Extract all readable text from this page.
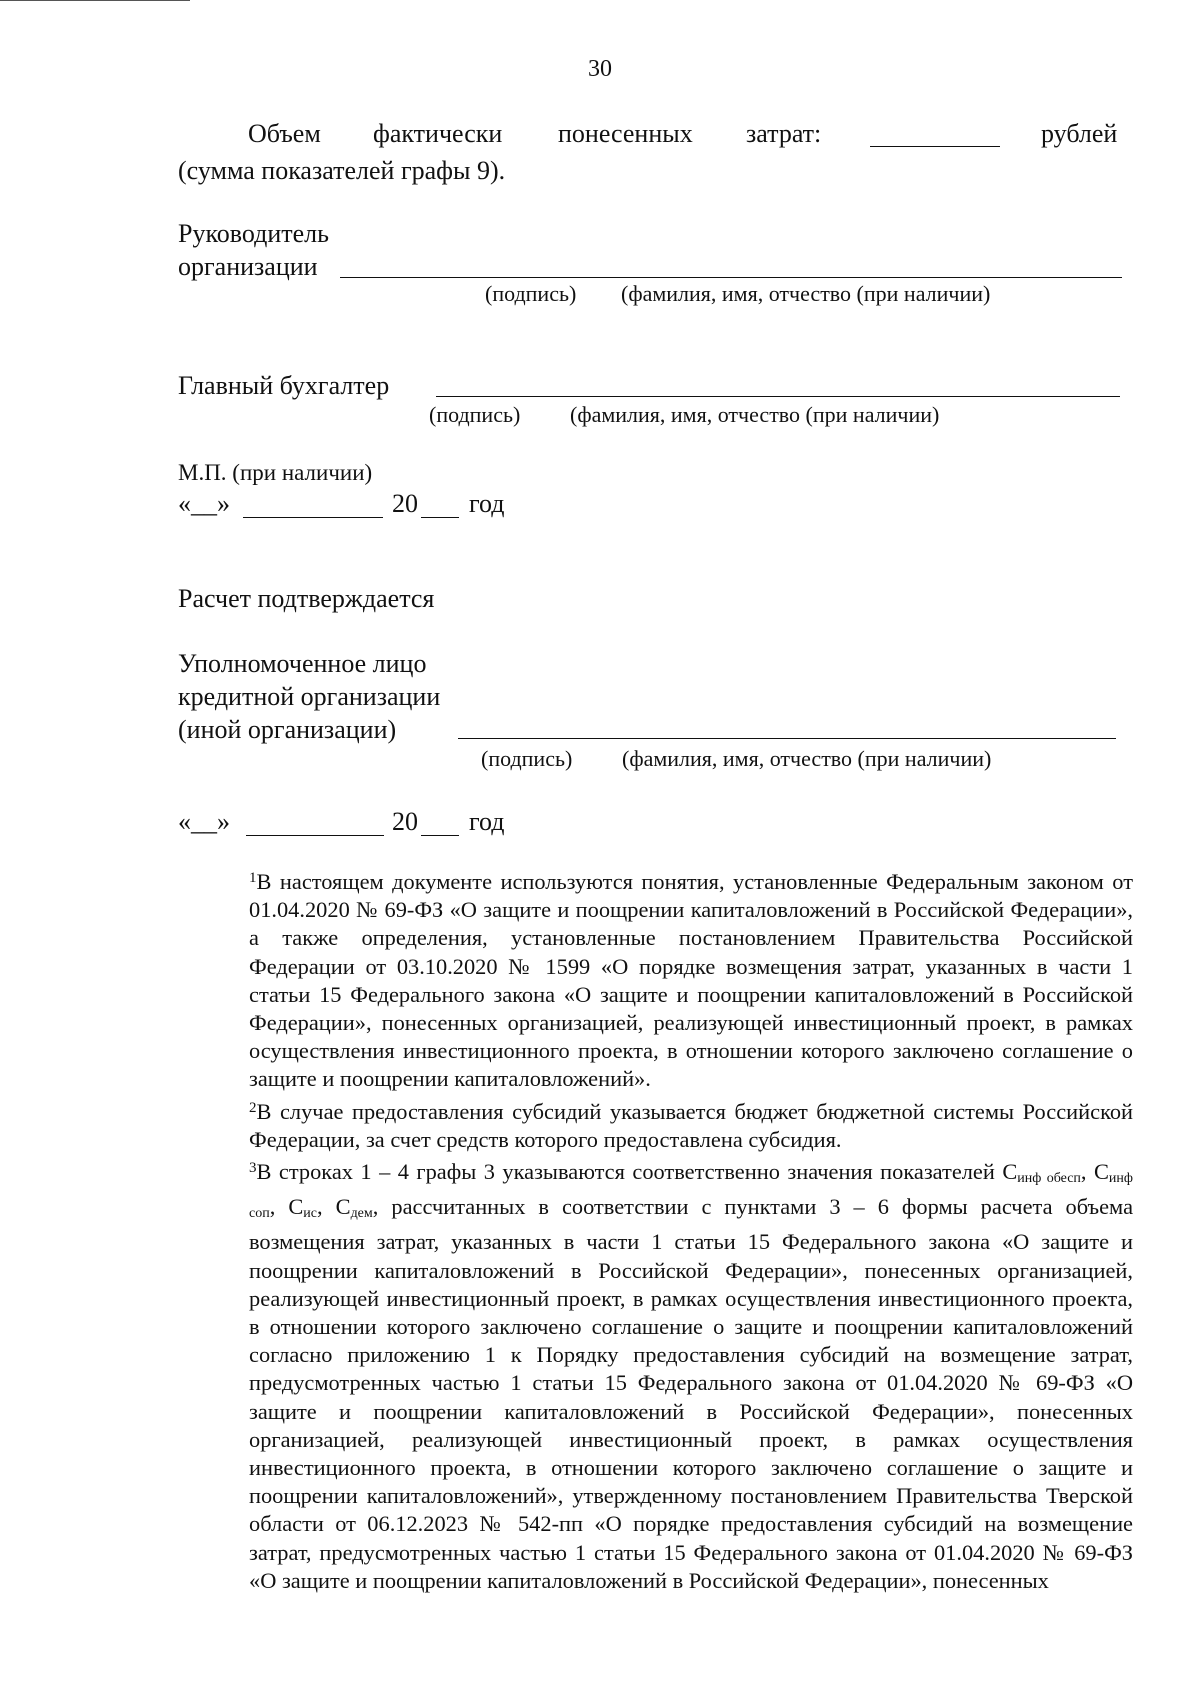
30
Объем фактически понесенных затрат:	рублей
(сумма показателей графы 9).
Руководитель
организации
(подпись) (фамилия, имя, отчество (при наличии)
Главный бухгалтер
(подпись) (фамилия, имя, отчество (при наличии)
М.П. (при наличии)
«__»	20 год
Расчет подтверждается
Уполномоченное лицо
кредитной организации
(иной организации)
(подпись) (фамилия, имя, отчество (при наличии)
«__»	20 год
$^1$В настоящем документе используются понятия, установленные Федеральным законом от 01.04.2020 № 69-ФЗ «О защите и поощрении капиталовложений в Российской Федерации», а также определения, установленные постановлением Правительства Российской Федерации от 03.10.2020 № 1599 «О порядке возмещения затрат, указанных в части 1 статьи 15 Федерального закона «О защите и поощрении капиталовложений в Российской Федерации», понесенных организацией, реализующей инвестиционный проект, в рамках осуществления инвестиционного проекта, в отношении которого заключено соглашение о защите и поощрении капиталовложений».
$^2$В случае предоставления субсидий указывается бюджет бюджетной системы Российской Федерации, за счет средств которого предоставлена субсидия.
$^3$В строках 1 – 4 графы 3 указываются соответственно значения показателей $С_{инф обесп}$, $С_{инф соп}$, $С_{ис}$, $С_{дем}$, рассчитанных в соответствии с пунктами 3 – 6 формы расчета объема возмещения затрат, указанных в части 1 статьи 15 Федерального закона «О защите и поощрении капиталовложений в Российской Федерации», понесенных организацией, реализующей инвестиционный проект, в рамках осуществления инвестиционного проекта, в отношении которого заключено соглашение о защите и поощрении капиталовложений согласно приложению 1 к Порядку предоставления субсидий на возмещение затрат, предусмотренных частью 1 статьи 15 Федерального закона от 01.04.2020 № 69-ФЗ «О защите и поощрении капиталовложений в Российской Федерации», понесенных организацией, реализующей инвестиционный проект, в рамках осуществления инвестиционного проекта, в отношении которого заключено соглашение о защите и поощрении капиталовложений», утвержденному постановлением Правительства Тверской области от 06.12.2023 № 542-пп «О порядке предоставления субсидий на возмещение затрат, предусмотренных частью 1 статьи 15 Федерального закона от 01.04.2020 № 69-ФЗ «О защите и поощрении капиталовложений в Российской Федерации», понесенных
